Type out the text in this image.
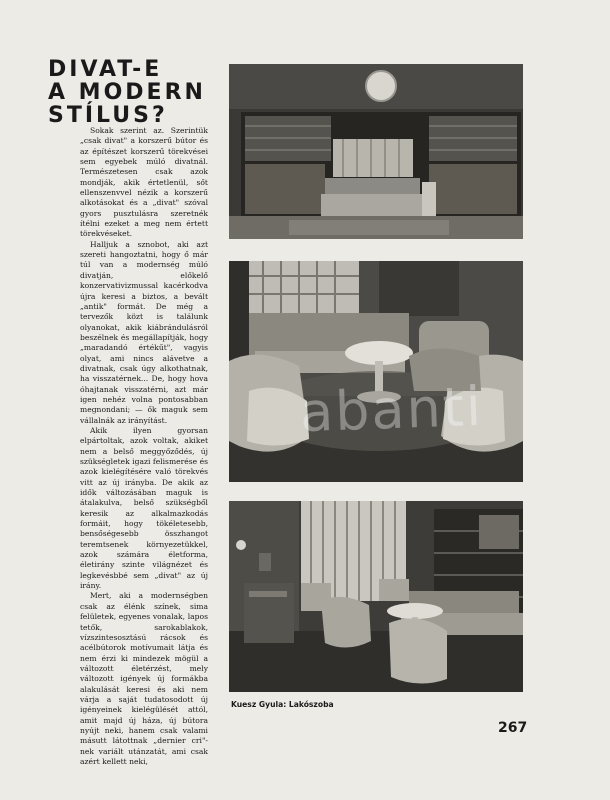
DIVAT-E
A MODERN
STÍLUS?

Sokak szerint az. Szerintük „csak divat" a korszerű bútor és az építészet korszerű törekvései sem egyebek múló divatnál. Természetesen csak azok mondják, akik értetlenül, sőt ellenszenvvel nézik a korszerű alkotásokat és a „divat" szóval gyors pusztulásra szeretnék ítélni ezeket a meg nem értett törekvéseket.

Halljuk a sznobot, aki azt szereti hangoztatni, hogy ő már túl van a modernség múló divatján, előkelő konzervativizmussal kacérkodva újra keresi a biztos, a bevált „antik" formát. De még a tervezők közt is találunk olyanokat, akik kiábrándulásról beszélnek és megállapítják, hogy „maradandó értékűt", vagyis olyat, ami nincs alávetve a divatnak, csak úgy alkothatnak, ha visszatérnek... De, hogy hova óhajtanak visszatérni, azt már igen nehéz volna pontosabban megnondani; — ők maguk sem vállalnák az irányítást.

Akik ilyen gyorsan elpártoltak, azok voltak, akiket nem a belső meggyőződés, új szükségletek igazi felismerése és azok kielégítésére való törekvés vitt az új irányba. De akik az idők változásában maguk is átalakulva, belső szükségből keresik az alkalmazkodás formáit, hogy tökéletesebb, bensőségesebb összhangot teremtsenek környezetükkel, azok számára életforma, életirány szinte világnézet és legkevésbbé sem „divat" az új irány.

Mert, aki a modernségben csak az élénk színek, sima felületek, egyenes vonalak, lapos tetők, sarokablakok, vízszintesosztású rácsok és acélbútorok motívumait látja és nem érzi ki mindezek mögül a változott életérzést, mely változott igények új formákba alakulását keresi és aki nem várja a saját tudatosodott új igényeinek kielégülését attól, amit majd új háza, új bútora nyújt neki, hanem csak valami másutt látottnak „dernier cri"-nek variált utánzatát, ami csak azért kellett neki,

abanti
Kuesz Gyula: Lakószoba
267
